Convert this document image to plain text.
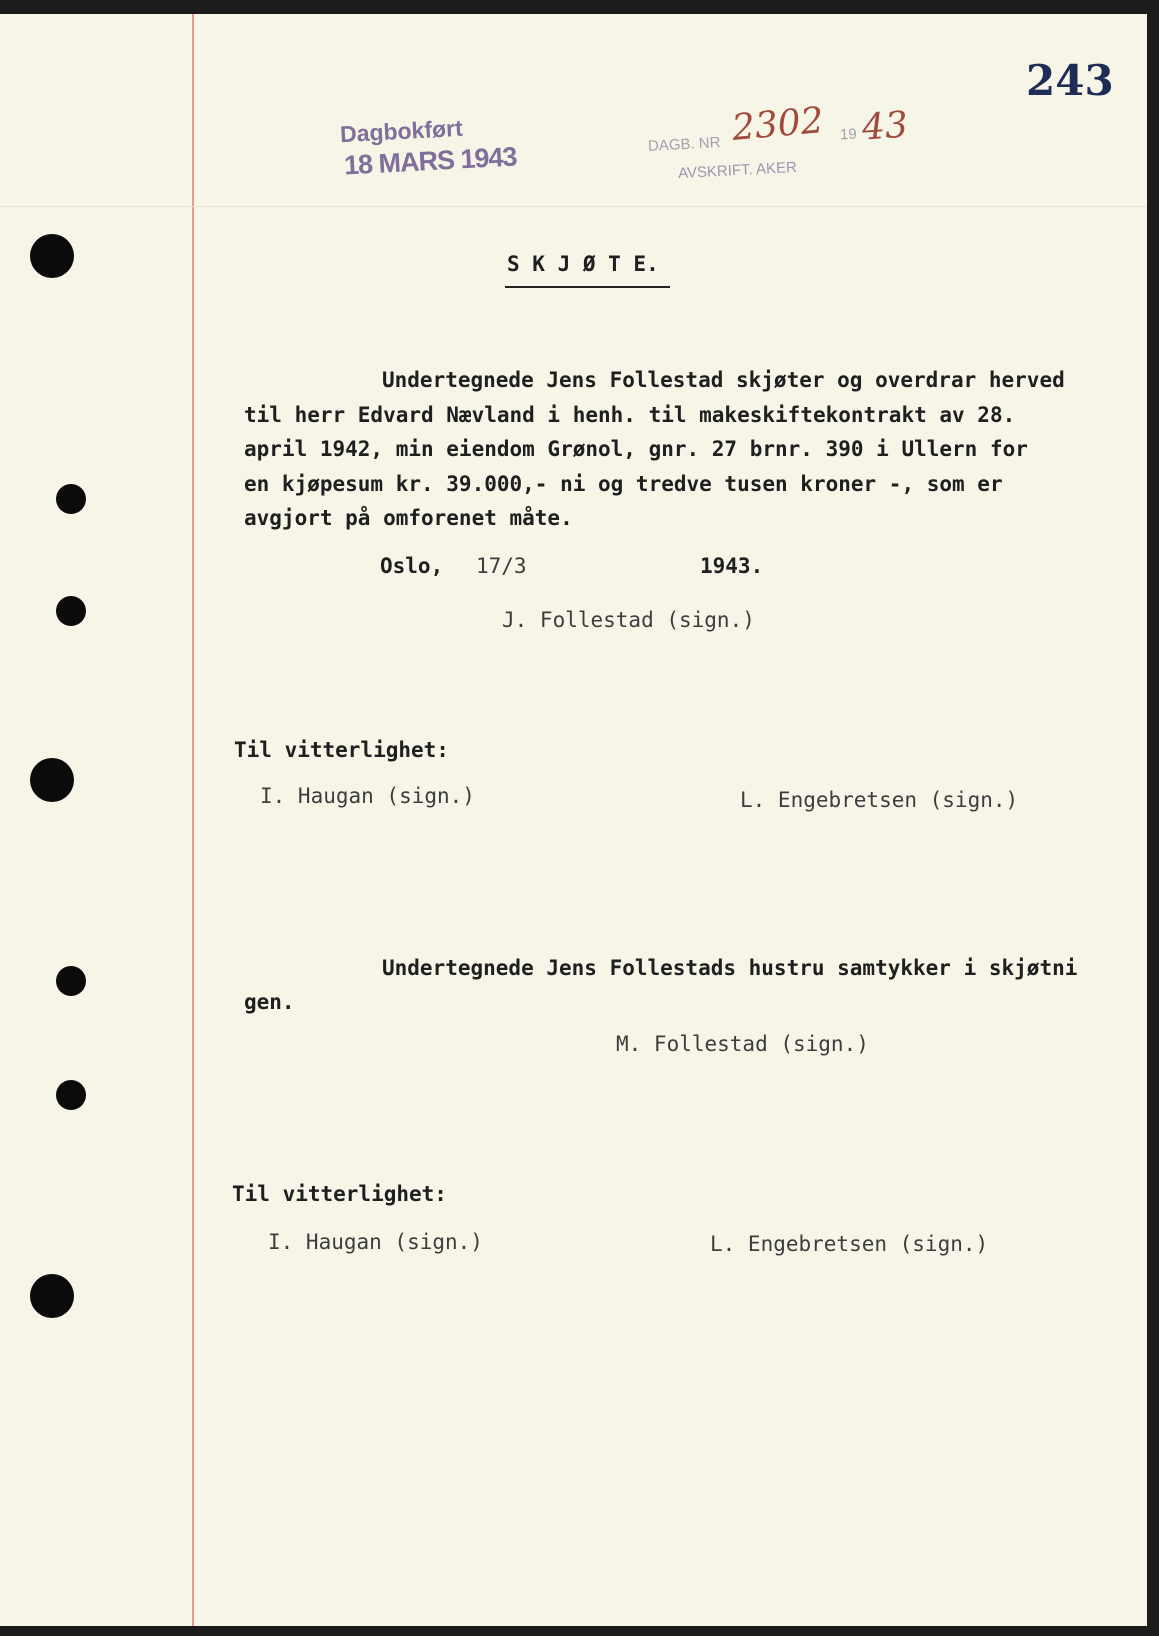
243
Dagbokført
18 MARS 1943	DAGB. NR 2302 19 43
AVSKRIFT. AKER
S K J Ø T E.
Undertegnede Jens Follestad skjøter og overdrar herved
til herr Edvard Nævland i henh. til makeskiftekontrakt av 28.
april 1942, min eiendom Grønol, gnr. 27 brnr. 390 i Ullern for
en kjøpesum kr. 39.000,- ni og tredve tusen kroner -, som er
avgjort på omforenet måte.
Oslo, 17/3	1943.
J. Follestad (sign.)
Til vitterlighet:
I. Haugan (sign.)	L. Engebretsen (sign.)
Undertegnede Jens Follestads hustru samtykker i skjøtni
gen.
M. Follestad (sign.)
Til vitterlighet:
I. Haugan (sign.)	L. Engebretsen (sign.)
